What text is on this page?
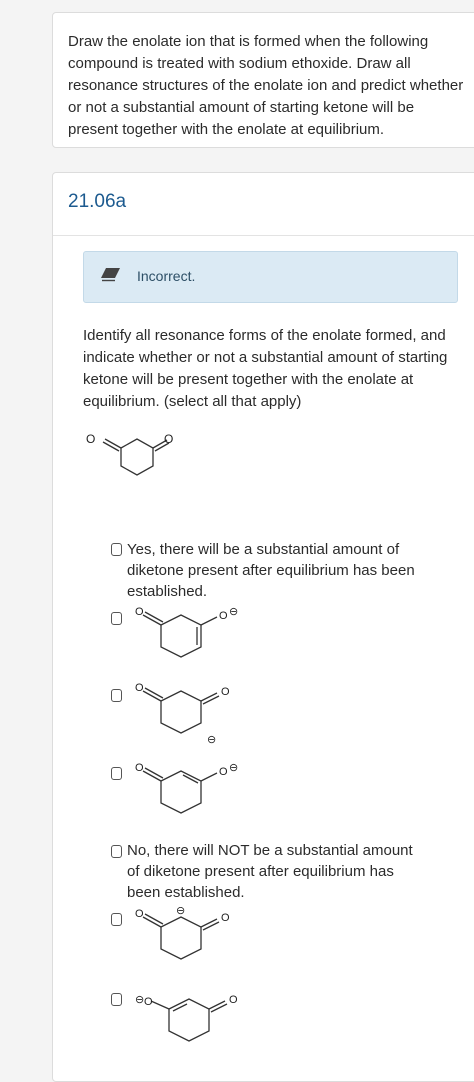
Draw the enolate ion that is formed when the following compound is treated with sodium ethoxide. Draw all resonance structures of the enolate ion and predict whether or not a substantial amount of starting ketone will be present together with the enolate at equilibrium.

21.06a
Incorrect.

Identify all resonance forms of the enolate formed, and indicate whether or not a substantial amount of starting ketone will be present together with the enolate at equilibrium. (select all that apply)

O	O

Yes, there will be a substantial amount of diketone present after equilibrium has been established.

O	O ⊖
O	O
⊖
O	O ⊖

No, there will NOT be a substantial amount of diketone present after equilibrium has been established.

O	⊖
O
⊖ O	O
